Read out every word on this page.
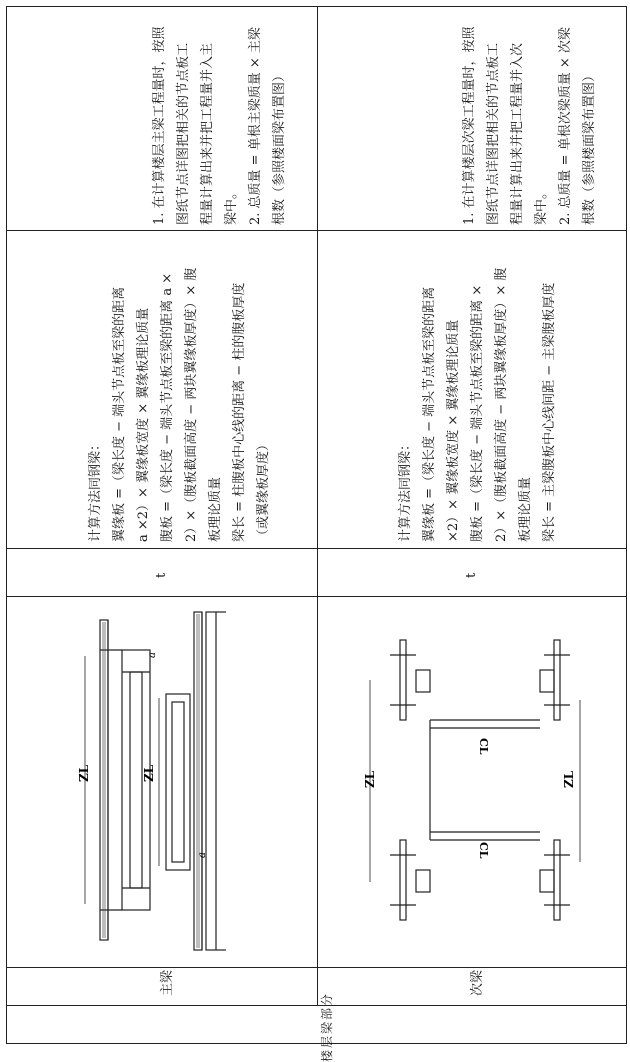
1. 在计算楼层主梁工程量时，按照 图纸节点详图把相关的节点板工 程量计算出来并把工程量并入主 梁中。 2. 总质量 = 单根主梁质量 × 主梁 根数（参照楼面梁布置图）
计算方法同钢梁： 翼缘板 =（梁长度 − 端头节点板至梁的距离 a ×2）× 翼缘板宽度 × 翼缘板理论质量 腹板 =（梁长度 − 端头节点板至梁的距离 a × 2）×（腹板截面高度 − 两块翼缘板厚度）× 腹 板理论质量 梁长 = 柱腹板中心线的距离 − 柱的腹板厚度 （或翼缘板厚度）
t
ZL	ZL
a
a
主梁
1. 在计算楼层次梁工程量时，按照 图纸节点详图把相关的节点板工 程量计算出来并把工程量并入次 梁中。 2. 总质量 = 单根次梁质量 × 次梁 根数（参照楼面梁布置图）
计算方法同钢梁： 翼缘板 =（梁长度 − 端头节点板至梁的距离 ×2）× 翼缘板宽度 × 翼缘板理论质量 腹板 =（梁长度 − 端头节点板至梁的距离 × 2）×（腹板截面高度 − 两块翼缘板厚度）× 腹 板理论质量 梁长 = 主梁腹板中心线间距 − 主梁腹板厚度
t
ZL	ZL
CL
CL
次梁
楼层梁部分
